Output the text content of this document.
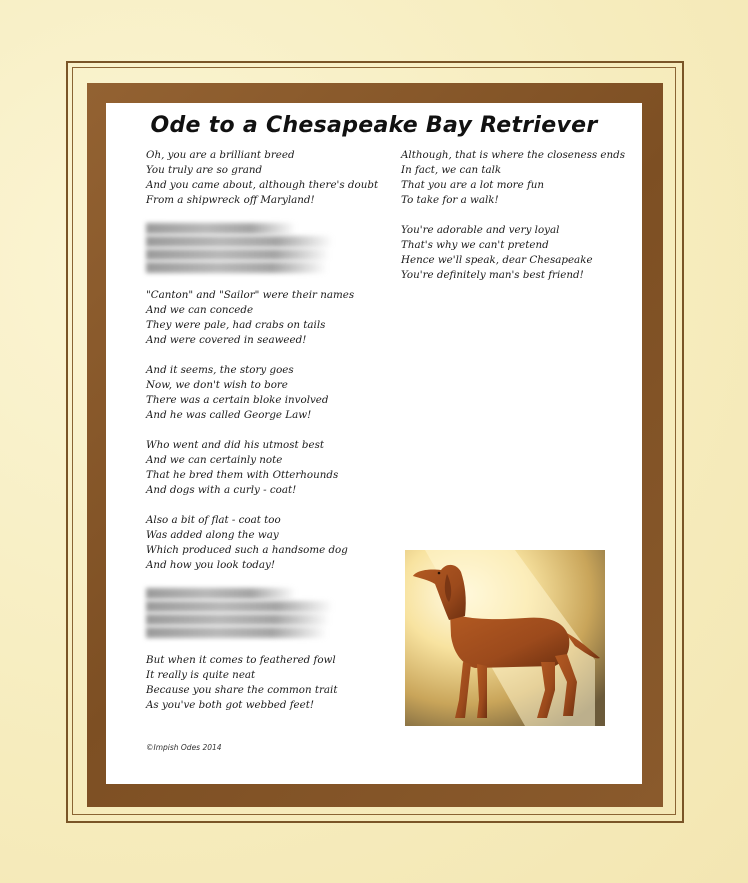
Ode to a Chesapeake Bay Retriever
Oh, you are a brilliant breed
You truly are so grand
And you came about, although there's doubt
From a shipwreck off Maryland!

"Canton" and "Sailor" were their names
And we can concede
They were pale, had crabs on tails
And were covered in seaweed!
And it seems, the story goes
Now, we don't wish to bore
There was a certain bloke involved
And he was called George Law!
Who went and did his utmost best
And we can certainly note
That he bred them with Otterhounds
And dogs with a curly - coat!
Also a bit of flat - coat too
Was added along the way
Which produced such a handsome dog
And how you look today!

But when it comes to feathered fowl
It really is quite neat
Because you share the common trait
As you've both got webbed feet!
Although, that is where the closeness ends
In fact, we can talk
That you are a lot more fun
To take for a walk!
You're adorable and very loyal
That's why we can't pretend
Hence we'll speak, dear Chesapeake
You're definitely man's best friend!
©Impish Odes 2014
